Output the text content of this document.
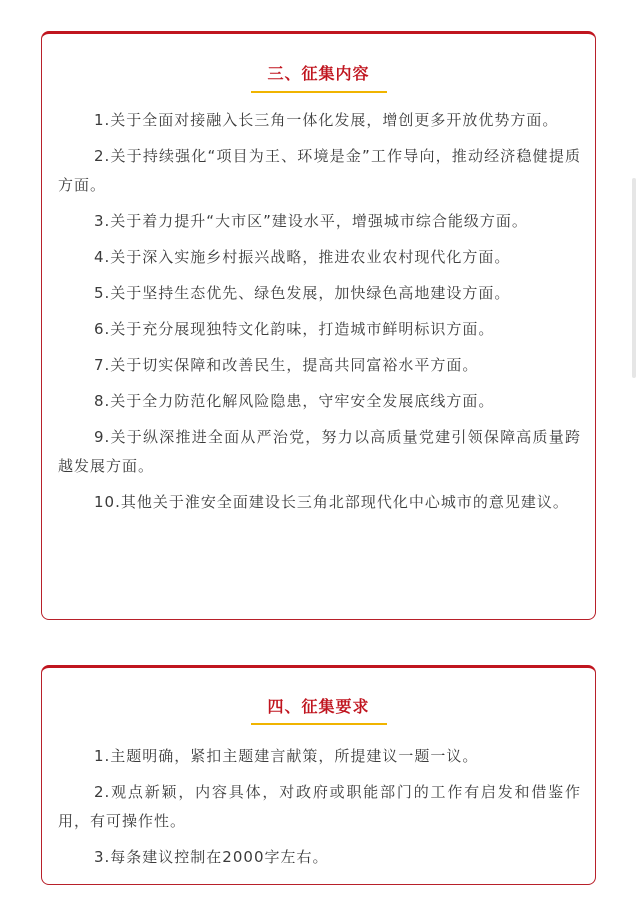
三、征集内容
1.关于全面对接融入长三角一体化发展，增创更多开放优势方面。
2.关于持续强化“项目为王、环境是金”工作导向，推动经济稳健提质方面。
3.关于着力提升“大市区”建设水平，增强城市综合能级方面。
4.关于深入实施乡村振兴战略，推进农业农村现代化方面。
5.关于坚持生态优先、绿色发展，加快绿色高地建设方面。
6.关于充分展现独特文化韵味，打造城市鲜明标识方面。
7.关于切实保障和改善民生，提高共同富裕水平方面。
8.关于全力防范化解风险隐患，守牢安全发展底线方面。
9.关于纵深推进全面从严治党，努力以高质量党建引领保障高质量跨越发展方面。
10.其他关于淮安全面建设长三角北部现代化中心城市的意见建议。
四、征集要求
1.主题明确，紧扣主题建言献策，所提建议一题一议。
2.观点新颖，内容具体，对政府或职能部门的工作有启发和借鉴作用，有可操作性。
3.每条建议控制在2000字左右。
